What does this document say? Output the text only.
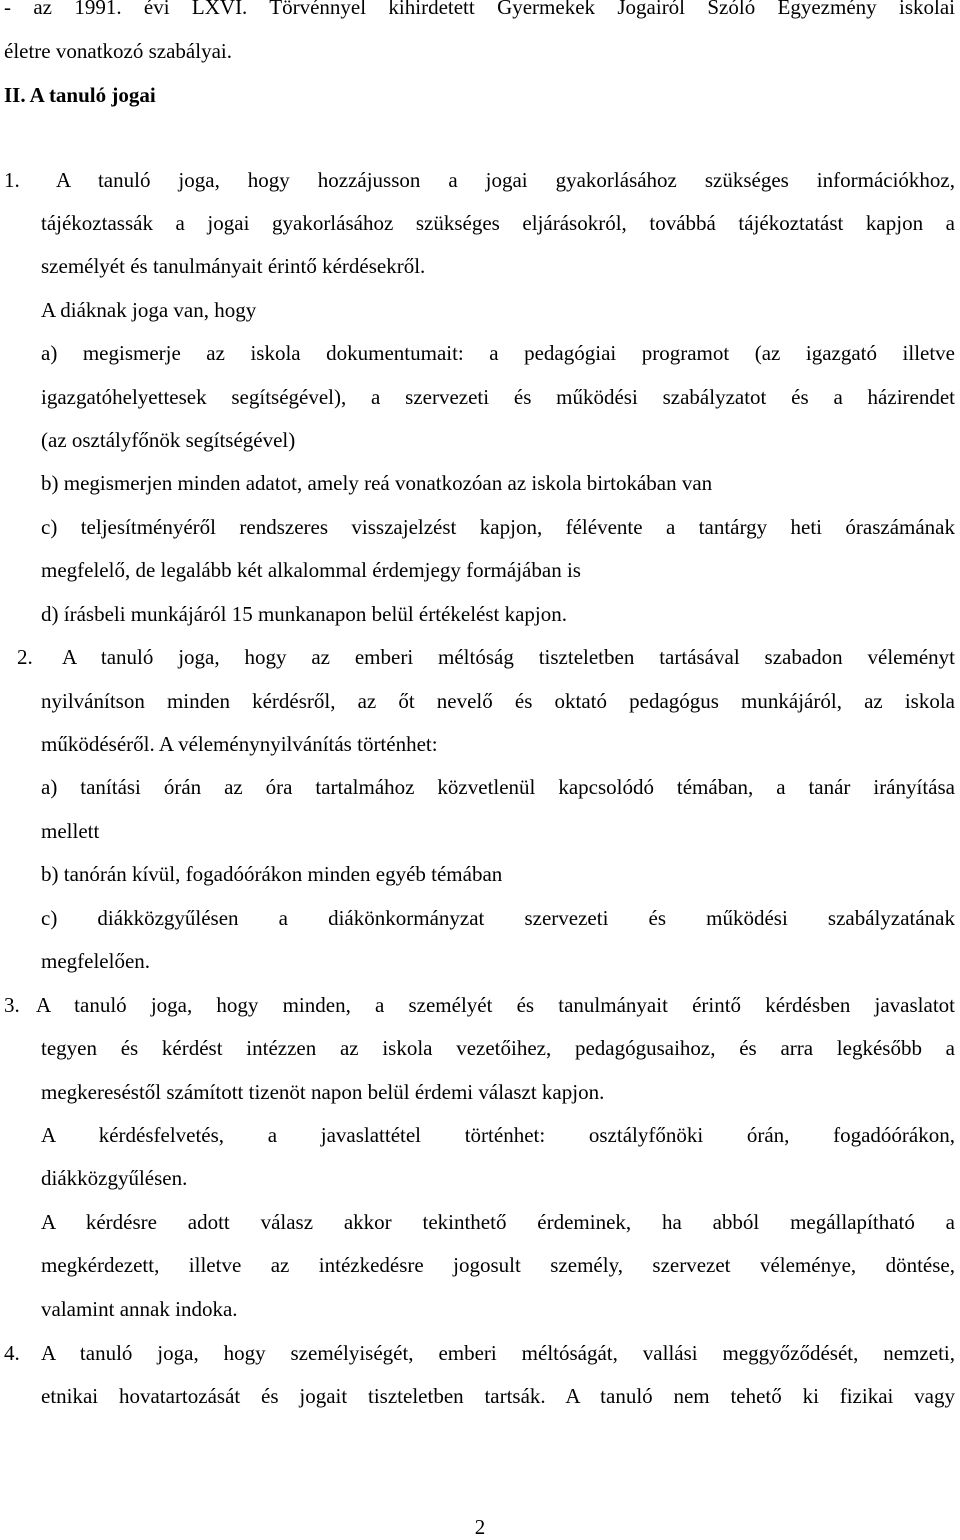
- az 1991. évi LXVI. Törvénnyel kihirdetett Gyermekek Jogairól Szóló Egyezmény iskolai
életre vonatkozó szabályai.
II. A tanuló jogai
1. A tanuló joga, hogy hozzájusson a jogai gyakorlásához szükséges információkhoz,
tájékoztassák a jogai gyakorlásához szükséges eljárásokról, továbbá tájékoztatást kapjon a
személyét és tanulmányait érintő kérdésekről.
A diáknak joga van, hogy
a) megismerje az iskola dokumentumait: a pedagógiai programot (az igazgató illetve
igazgatóhelyettesek segítségével), a szervezeti és működési szabályzatot és a házirendet
(az osztályfőnök segítségével)
b) megismerjen minden adatot, amely reá vonatkozóan az iskola birtokában van
c) teljesítményéről rendszeres visszajelzést kapjon, félévente a tantárgy heti óraszámának
megfelelő, de legalább két alkalommal érdemjegy formájában is
d) írásbeli munkájáról 15 munkanapon belül értékelést kapjon.
2. A tanuló joga, hogy az emberi méltóság tiszteletben tartásával szabadon véleményt
nyilvánítson minden kérdésről, az őt nevelő és oktató pedagógus munkájáról, az iskola
működéséről. A véleménynyilvánítás történhet:
a) tanítási órán az óra tartalmához közvetlenül kapcsolódó témában, a tanár irányítása
mellett
b) tanórán kívül, fogadóórákon minden egyéb témában
c) diákközgyűlésen a diákönkormányzat szervezeti és működési szabályzatának
megfelelően.
3. A tanuló joga, hogy minden, a személyét és tanulmányait érintő kérdésben javaslatot
tegyen és kérdést intézzen az iskola vezetőihez, pedagógusaihoz, és arra legkésőbb a
megkereséstől számított tizenöt napon belül érdemi választ kapjon.
A kérdésfelvetés, a javaslattétel történhet: osztályfőnöki órán, fogadóórákon,
diákközgyűlésen.
A kérdésre adott válasz akkor tekinthető érdeminek, ha abból megállapítható a
megkérdezett, illetve az intézkedésre jogosult személy, szervezet véleménye, döntése,
valamint annak indoka.
4. A tanuló joga, hogy személyiségét, emberi méltóságát, vallási meggyőződését, nemzeti,
etnikai hovatartozását és jogait tiszteletben tartsák. A tanuló nem tehető ki fizikai vagy
2
